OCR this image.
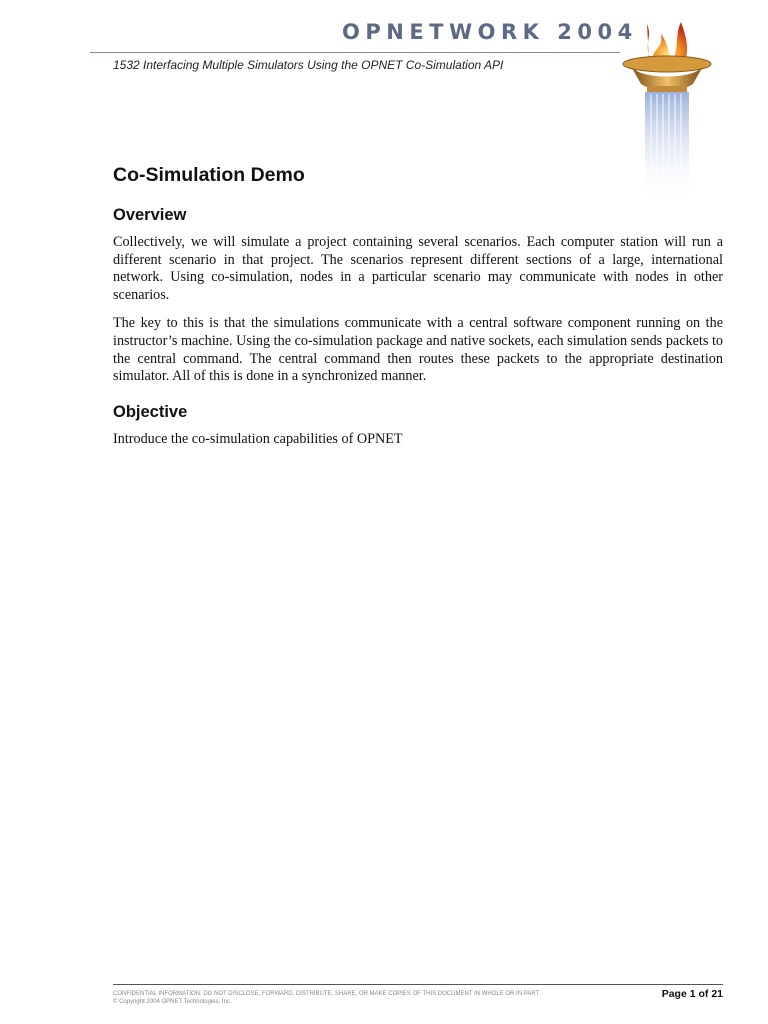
OPNETWORK 2004
1532 Interfacing Multiple Simulators Using the OPNET Co-Simulation API
Co-Simulation Demo
Overview

Collectively, we will simulate a project containing several scenarios. Each computer station will run a different scenario in that project. The scenarios represent different sections of a large, international network. Using co-simulation, nodes in a particular scenario may communicate with nodes in other scenarios.

The key to this is that the simulations communicate with a central software component running on the instructor’s machine. Using the co-simulation package and native sockets, each simulation sends packets to the central command. The central command then routes these packets to the appropriate destination simulator. All of this is done in a synchronized manner.

Objective

Introduce the co-simulation capabilities of OPNET

CONFIDENTIAL INFORMATION: DO NOT DISCLOSE, FORWARD, DISTRIBUTE, SHARE, OR MAKE COPIES OF THIS DOCUMENT IN WHOLE OR IN PART.
© Copyright 2004 OPNET Technologies, Inc.
Page 1 of 21
